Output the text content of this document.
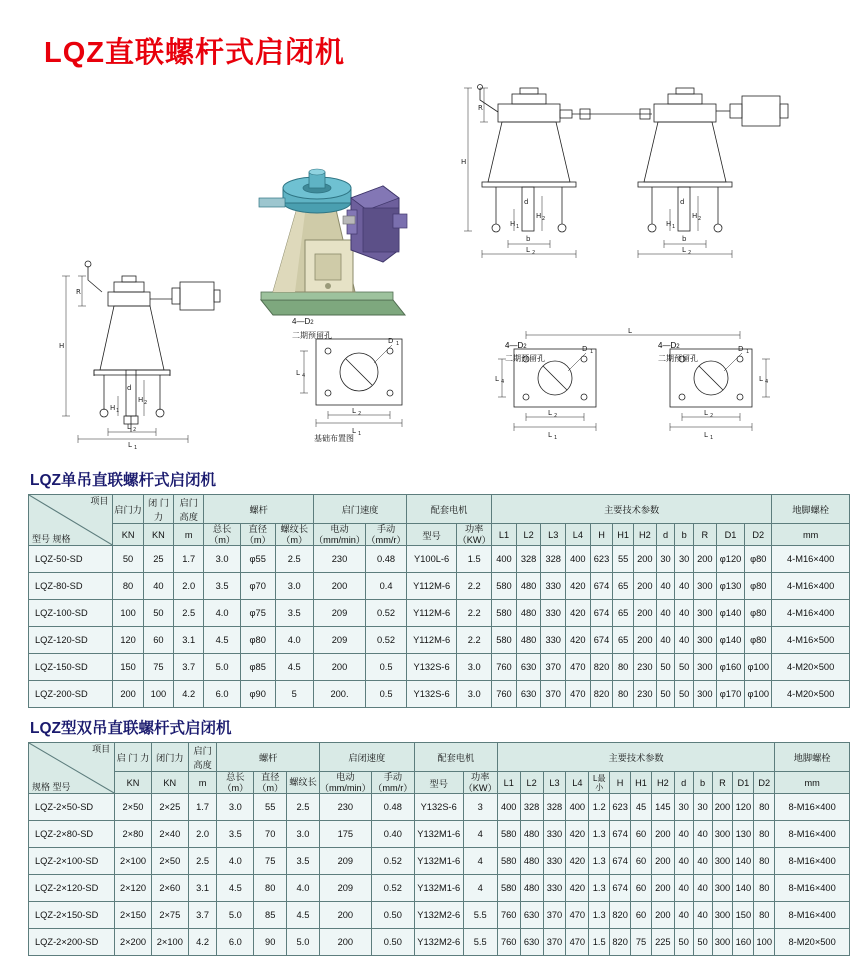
LQZ直联螺杆式启闭机
H
R
d
H 1
H 2
L 2
L 1
L 4
L 2
L 1
D 1
基础布置图
4—D2
二期预留孔
H
R
d
H 1
H 2
b
L 2
d
H 1
H 2
b
L 2
L 4	L 4
L 2
L 1
L 2
L 1
L
D 1	D 1
4—D2
二期预留孔
4—D2
二期预留孔
LQZ单吊直联螺杆式启闭机
项目
型号 规格	启门力	闭 门 力	启门 高度	螺杆			启门速度		配套电机		主要技术参数												地脚螺栓
	KN	KN	m	总长（m）	直径（m）	螺纹长（m）	电动（mm/min）	手动（mm/r）	型号	功率（KW）	L1	L2	L3	L4	H	H1	H2	d	b	R	D1	D2	mm
LQZ-50-SD	50	25	1.7	3.0	φ55	2.5	230	0.48	Y100L-6	1.5	400	328	328	400	623	55	200	30	30	200	φ120	φ80	4-M16×400
LQZ-80-SD	80	40	2.0	3.5	φ70	3.0	200	0.4	Y112M-6	2.2	580	480	330	420	674	65	200	40	40	300	φ130	φ80	4-M16×400
LQZ-100-SD	100	50	2.5	4.0	φ75	3.5	209	0.52	Y112M-6	2.2	580	480	330	420	674	65	200	40	40	300	φ140	φ80	4-M16×400
LQZ-120-SD	120	60	3.1	4.5	φ80	4.0	209	0.52	Y112M-6	2.2	580	480	330	420	674	65	200	40	40	300	φ140	φ80	4-M16×500
LQZ-150-SD	150	75	3.7	5.0	φ85	4.5	200	0.5	Y132S-6	3.0	760	630	370	470	820	80	230	50	50	300	φ160	φ100	4-M20×500
LQZ-200-SD	200	100	4.2	6.0	φ90	5	200.	0.5	Y132S-6	3.0	760	630	370	470	820	80	230	50	50	300	φ170	φ100	4-M20×500
LQZ型双吊直联螺杆式启闭机
项目
规格 型号	启 门 力	闭门力	启门 高度	螺杆			启闭速度		配套电机		主要技术参数													地脚螺栓
	KN	KN	m	总长（m）	直径（m）	螺纹长	电动（mm/min）	手动（mm/r）	型号	功率（KW）	L1	L2	L3	L4	L最小	H	H1	H2	d	b	R	D1	D2	mm
LQZ-2×50-SD	2×50	2×25	1.7	3.0	55	2.5	230	0.48	Y132S-6	3	400	328	328	400	1.2	623	45	145	30	30	200	120	80	8-M16×400
LQZ-2×80-SD	2×80	2×40	2.0	3.5	70	3.0	175	0.40	Y132M1-6	4	580	480	330	420	1.3	674	60	200	40	40	300	130	80	8-M16×400
LQZ-2×100-SD	2×100	2×50	2.5	4.0	75	3.5	209	0.52	Y132M1-6	4	580	480	330	420	1.3	674	60	200	40	40	300	140	80	8-M16×400
LQZ-2×120-SD	2×120	2×60	3.1	4.5	80	4.0	209	0.52	Y132M1-6	4	580	480	330	420	1.3	674	60	200	40	40	300	140	80	8-M16×400
LQZ-2×150-SD	2×150	2×75	3.7	5.0	85	4.5	200	0.50	Y132M2-6	5.5	760	630	370	470	1.3	820	60	200	40	40	300	150	80	8-M16×400
LQZ-2×200-SD	2×200	2×100	4.2	6.0	90	5.0	200	0.50	Y132M2-6	5.5	760	630	370	470	1.5	820	75	225	50	50	300	160	100	8-M20×500
